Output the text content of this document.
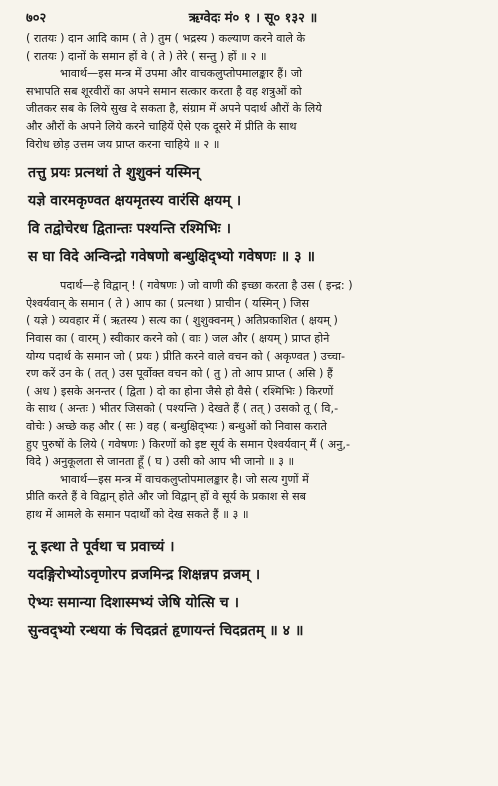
७०२	ऋग्वेदः मं० १ । सू० १३२ ॥

( रातयः ) दान आदि काम ( ते ) तुम ( भद्रस्य ) कल्याण करने वाले के

( रातयः ) दानों के समान हों वे ( ते ) तेरे ( सन्तु ) हों ॥ २ ॥

भावार्थ—इस मन्त्र में उपमा और वाचकलुप्तोपमालङ्कार हैं। जो

सभापति सब शूरवीरों का अपने समान सत्कार करता है वह शत्रुओं को

जीतकर सब के लिये सुख दे सकता है, संग्राम में अपने पदार्थ औरों के लिये

और औरों के अपने लिये करने चाहियें ऐसे एक दूसरे में प्रीति के साथ

विरोध छोड़ उत्तम जय प्राप्त करना चाहिये ॥ २ ॥

तत्तु प्रयः प्रत्नथां ते शुशुक्नं यस्मिन्

यज्ञे वारमकृण्वत क्षयमृतस्य वारंसि क्षयम् ।

वि तद्वोचेरध द्वितान्तः पश्यन्ति रश्मिभिः ।

स घा विदे अन्विन्द्रो गवेषणो बन्धुक्षिद्भ्यो गवेषणः ॥ ३ ॥

पदार्थ—हे विद्वान् ! ( गवेषणः ) जो वाणी की इच्छा करता है उस ( इन्द्र: )

ऐश्वर्यवान् के समान ( ते ) आप का ( प्रत्नथा ) प्राचीन ( यस्मिन् ) जिस

( यज्ञे ) व्यवहार में ( ऋतस्य ) सत्य का ( शुशुक्वनम् ) अतिप्रकाशित ( क्षयम् )

निवास का ( वारम् ) स्वीकार करने को ( वाः ) जल और ( क्षयम् ) प्राप्त होने

योग्य पदार्थ के समान जो ( प्रयः ) प्रीति करने वाले वचन को ( अकृण्वत ) उच्चा-

रण करें उन के ( तत् ) उस पूर्वोक्त वचन को ( तु ) तो आप प्राप्त ( असि ) हैं

( अध ) इसके अनन्तर ( द्विता ) दो का होना जैसे हो वैसे ( रश्मिभिः ) किरणों

के साथ ( अन्तः ) भीतर जिसको ( पश्यन्ति ) देखते हैं ( तत् ) उसको तू ( वि,-

वोचेः ) अच्छे कह और ( सः ) वह ( बन्धुक्षिद्भ्यः ) बन्धुओं को निवास कराते

हुए पुरुषों के लिये ( गवेषणः ) किरणों को इष्ट सूर्य के समान ऐश्वर्यवान् मैं ( अनु,-

विदे ) अनुकूलता से जानता हूँ ( घ ) उसी को आप भी जानो ॥ ३ ॥

भावार्थ—इस मन्त्र में वाचकलुप्तोपमालङ्कार है। जो सत्य गुणों में

प्रीति करते हैं वे विद्वान् होते और जो विद्वान् हों वे सूर्य के प्रकाश से सब

हाथ में आमले के समान पदार्थों को देख सकते हैं ॥ ३ ॥

नू इत्था ते पूर्वथा च प्रवाच्यं ।

यदङ्गिरोभ्योऽवृणोरप व्रजमिन्द्र शिक्षन्नप व्रजम् ।

ऐभ्यः समान्या दिशास्मभ्यं जेषि योत्सि च ।

सुन्वद्भ्यो रन्धया कं चिदव्रतं हृणायन्तं चिदव्रतम् ॥ ४ ॥
